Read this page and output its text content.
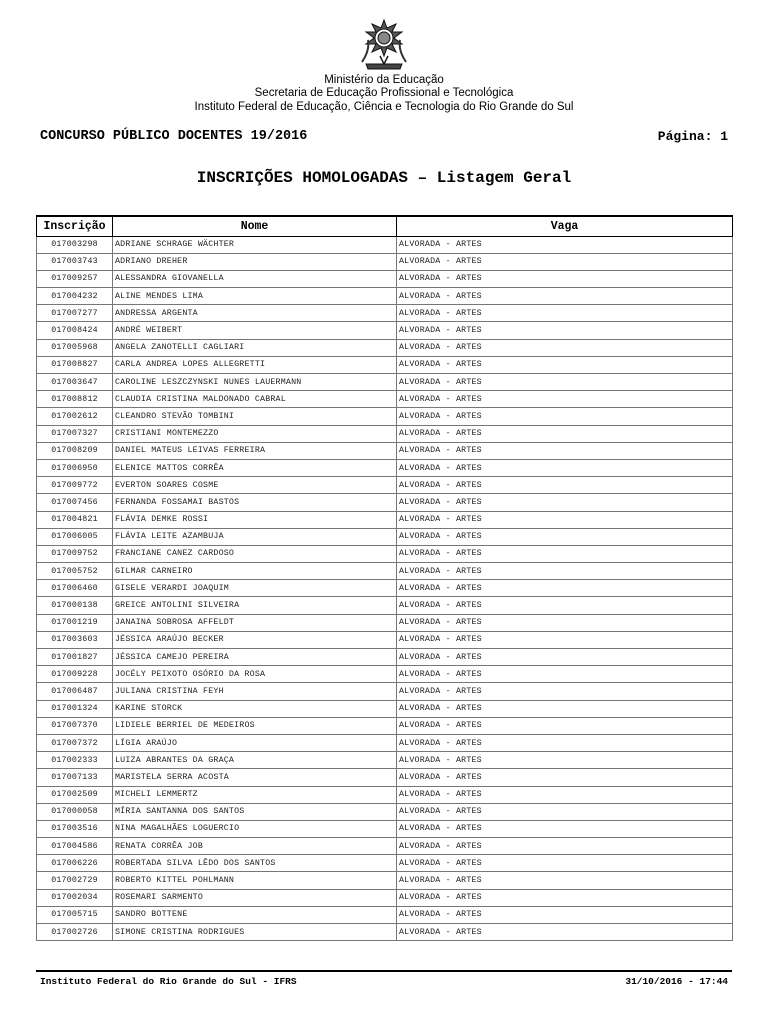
Ministério da Educação
Secretaria de Educação Profissional e Tecnológica
Instituto Federal de Educação, Ciência e Tecnologia do Rio Grande do Sul
CONCURSO PÚBLICO DOCENTES 19/2016	Página: 1
INSCRIÇÕES HOMOLOGADAS – Listagem Geral
Inscrição	Nome	Vaga
017003298	ADRIANE SCHRAGE WÄCHTER	ALVORADA - ARTES
017003743	ADRIANO DREHER	ALVORADA - ARTES
017009257	ALESSANDRA GIOVANELLA	ALVORADA - ARTES
017004232	ALINE MENDES LIMA	ALVORADA - ARTES
017007277	ANDRESSA ARGENTA	ALVORADA - ARTES
017008424	ANDRÉ WEIBERT	ALVORADA - ARTES
017005968	ANGELA ZANOTELLI CAGLIARI	ALVORADA - ARTES
017008827	CARLA ANDREA LOPES ALLEGRETTI	ALVORADA - ARTES
017003647	CAROLINE LESZCZYNSKI NUNES LAUERMANN	ALVORADA - ARTES
017008812	CLAUDIA CRISTINA MALDONADO CABRAL	ALVORADA - ARTES
017002612	CLEANDRO STEVÃO TOMBINI	ALVORADA - ARTES
017007327	CRISTIANI MONTEMEZZO	ALVORADA - ARTES
017008209	DANIEL MATEUS LEIVAS FERREIRA	ALVORADA - ARTES
017006950	ELENICE MATTOS CORRÊA	ALVORADA - ARTES
017009772	EVERTON SOARES COSME	ALVORADA - ARTES
017007456	FERNANDA FOSSAMAI BASTOS	ALVORADA - ARTES
017004821	FLÁVIA DEMKE ROSSI	ALVORADA - ARTES
017006005	FLÁVIA LEITE AZAMBUJA	ALVORADA - ARTES
017009752	FRANCIANE CANEZ CARDOSO	ALVORADA - ARTES
017005752	GILMAR CARNEIRO	ALVORADA - ARTES
017006460	GISELE VERARDI JOAQUIM	ALVORADA - ARTES
017000138	GREICE ANTOLINI SILVEIRA	ALVORADA - ARTES
017001219	JANAINA SOBROSA AFFELDT	ALVORADA - ARTES
017003603	JÉSSICA ARAÚJO BECKER	ALVORADA - ARTES
017001827	JÉSSICA CAMEJO PEREIRA	ALVORADA - ARTES
017009228	JOCÉLY PEIXOTO OSÓRIO DA ROSA	ALVORADA - ARTES
017006487	JULIANA CRISTINA FEYH	ALVORADA - ARTES
017001324	KARINE STORCK	ALVORADA - ARTES
017007370	LIDIELE BERRIEL DE MEDEIROS	ALVORADA - ARTES
017007372	LÍGIA ARAÚJO	ALVORADA - ARTES
017002333	LUIZA ABRANTES DA GRAÇA	ALVORADA - ARTES
017007133	MARISTELA SERRA ACOSTA	ALVORADA - ARTES
017002509	MICHELI LEMMERTZ	ALVORADA - ARTES
017000058	MÍRIA SANTANNA DOS SANTOS	ALVORADA - ARTES
017003516	NINA MAGALHÃES LOGUERCIO	ALVORADA - ARTES
017004586	RENATA CORRÊA JOB	ALVORADA - ARTES
017006226	ROBERTADA SILVA LÊDO DOS SANTOS	ALVORADA - ARTES
017002729	ROBERTO KITTEL POHLMANN	ALVORADA - ARTES
017002034	ROSEMARI SARMENTO	ALVORADA - ARTES
017005715	SANDRO BOTTENE	ALVORADA - ARTES
017002726	SIMONE CRISTINA RODRIGUES	ALVORADA - ARTES
Instituto Federal do Rio Grande do Sul - IFRS	31/10/2016 - 17:44
